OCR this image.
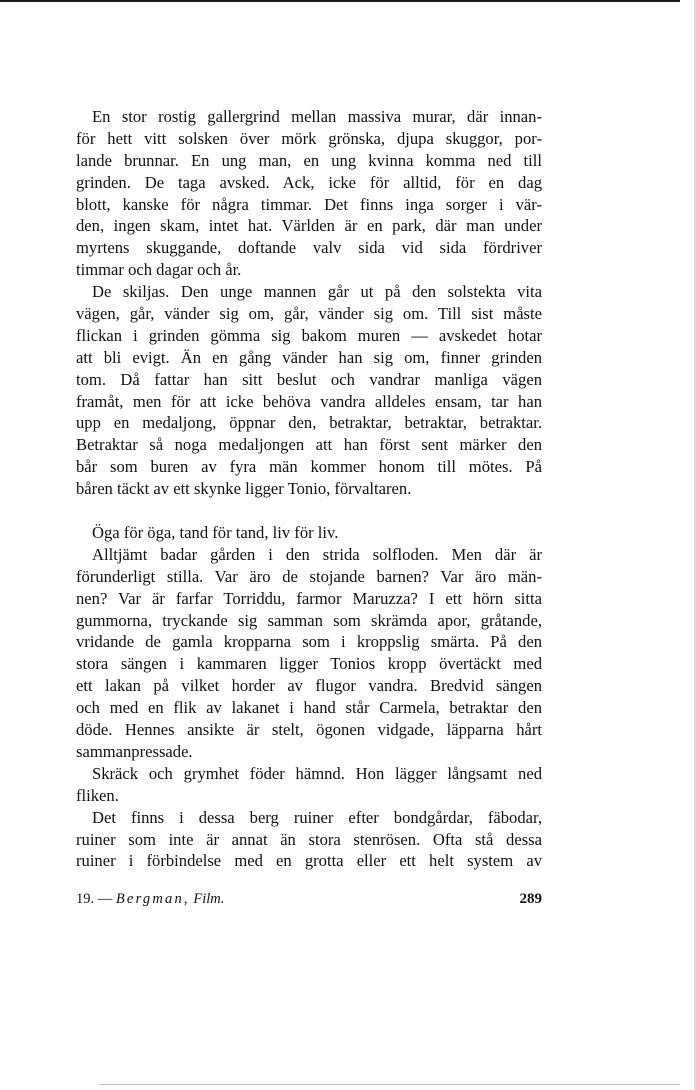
En stor rostig gallergrind mellan massiva murar, där innan-
för hett vitt solsken över mörk grönska, djupa skuggor, por-
lande brunnar. En ung man, en ung kvinna komma ned till
grinden. De taga avsked. Ack, icke för alltid, för en dag
blott, kanske för några timmar. Det finns inga sorger i vär-
den, ingen skam, intet hat. Världen är en park, där man under
myrtens skuggande, doftande valv sida vid sida fördriver
timmar och dagar och år.
De skiljas. Den unge mannen går ut på den solstekta vita
vägen, går, vänder sig om, går, vänder sig om. Till sist måste
flickan i grinden gömma sig bakom muren — avskedet hotar
att bli evigt. Än en gång vänder han sig om, finner grinden
tom. Då fattar han sitt beslut och vandrar manliga vägen
framåt, men för att icke behöva vandra alldeles ensam, tar han
upp en medaljong, öppnar den, betraktar, betraktar, betraktar.
Betraktar så noga medaljongen att han först sent märker den
bår som buren av fyra män kommer honom till mötes. På
båren täckt av ett skynke ligger Tonio, förvaltaren.
Öga för öga, tand för tand, liv för liv.
Alltjämt badar gården i den strida solfloden. Men där är
förunderligt stilla. Var äro de stojande barnen? Var äro män-
nen? Var är farfar Torriddu, farmor Maruzza? I ett hörn sitta
gummorna, tryckande sig samman som skrämda apor, gråtande,
vridande de gamla kropparna som i kroppslig smärta. På den
stora sängen i kammaren ligger Tonios kropp övertäckt med
ett lakan på vilket horder av flugor vandra. Bredvid sängen
och med en flik av lakanet i hand står Carmela, betraktar den
döde. Hennes ansikte är stelt, ögonen vidgade, läpparna hårt
sammanpressade.
Skräck och grymhet föder hämnd. Hon lägger långsamt ned
fliken.
Det finns i dessa berg ruiner efter bondgårdar, fäbodar,
ruiner som inte är annat än stora stenrösen. Ofta stå dessa
ruiner i förbindelse med en grotta eller ett helt system av
19. — Bergman, Film.	289
